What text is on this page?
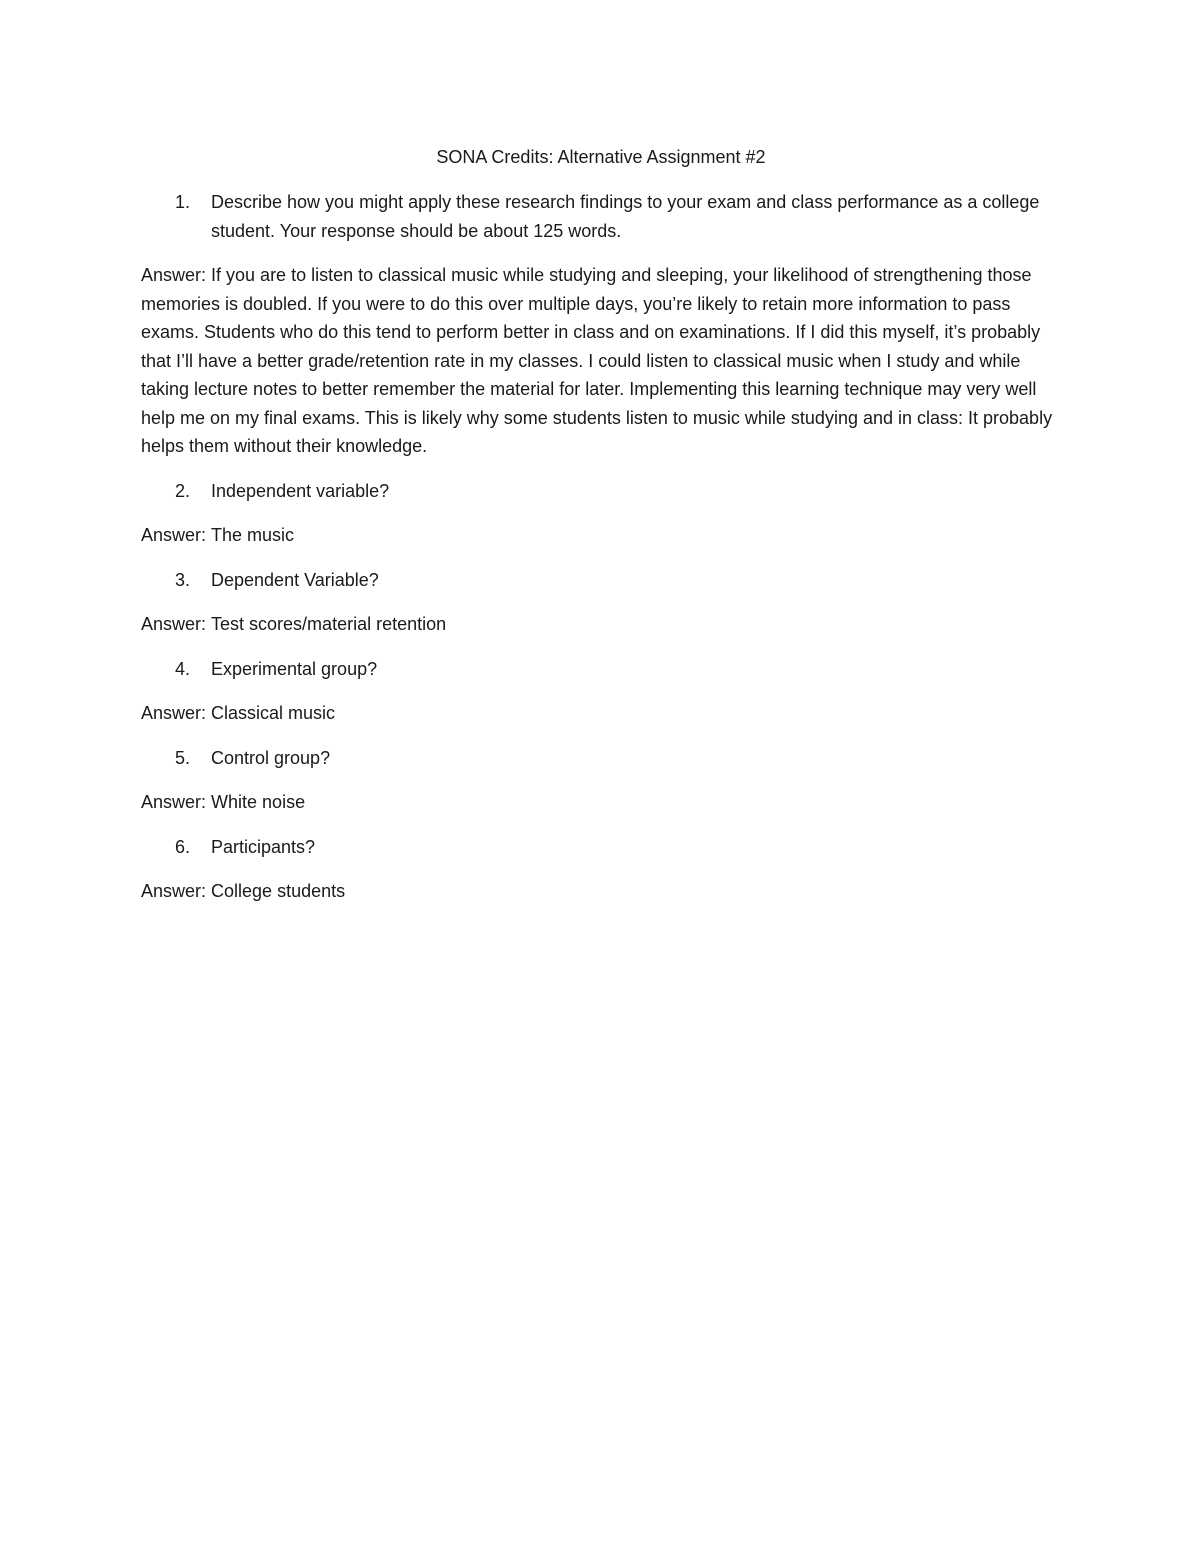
SONA Credits: Alternative Assignment #2
1.	Describe how you might apply these research findings to your exam and class performance as a college student. Your response should be about 125 words.
Answer: If you are to listen to classical music while studying and sleeping, your likelihood of strengthening those memories is doubled. If you were to do this over multiple days, you’re likely to retain more information to pass exams. Students who do this tend to perform better in class and on examinations. If I did this myself, it’s probably that I’ll have a better grade/retention rate in my classes. I could listen to classical music when I study and while taking lecture notes to better remember the material for later. Implementing this learning technique may very well help me on my final exams. This is likely why some students listen to music while studying and in class: It probably helps them without their knowledge.
2.	Independent variable?
Answer: The music
3.	Dependent Variable?
Answer: Test scores/material retention
4.	Experimental group?
Answer: Classical music
5.	Control group?
Answer: White noise
6.	Participants?
Answer: College students
